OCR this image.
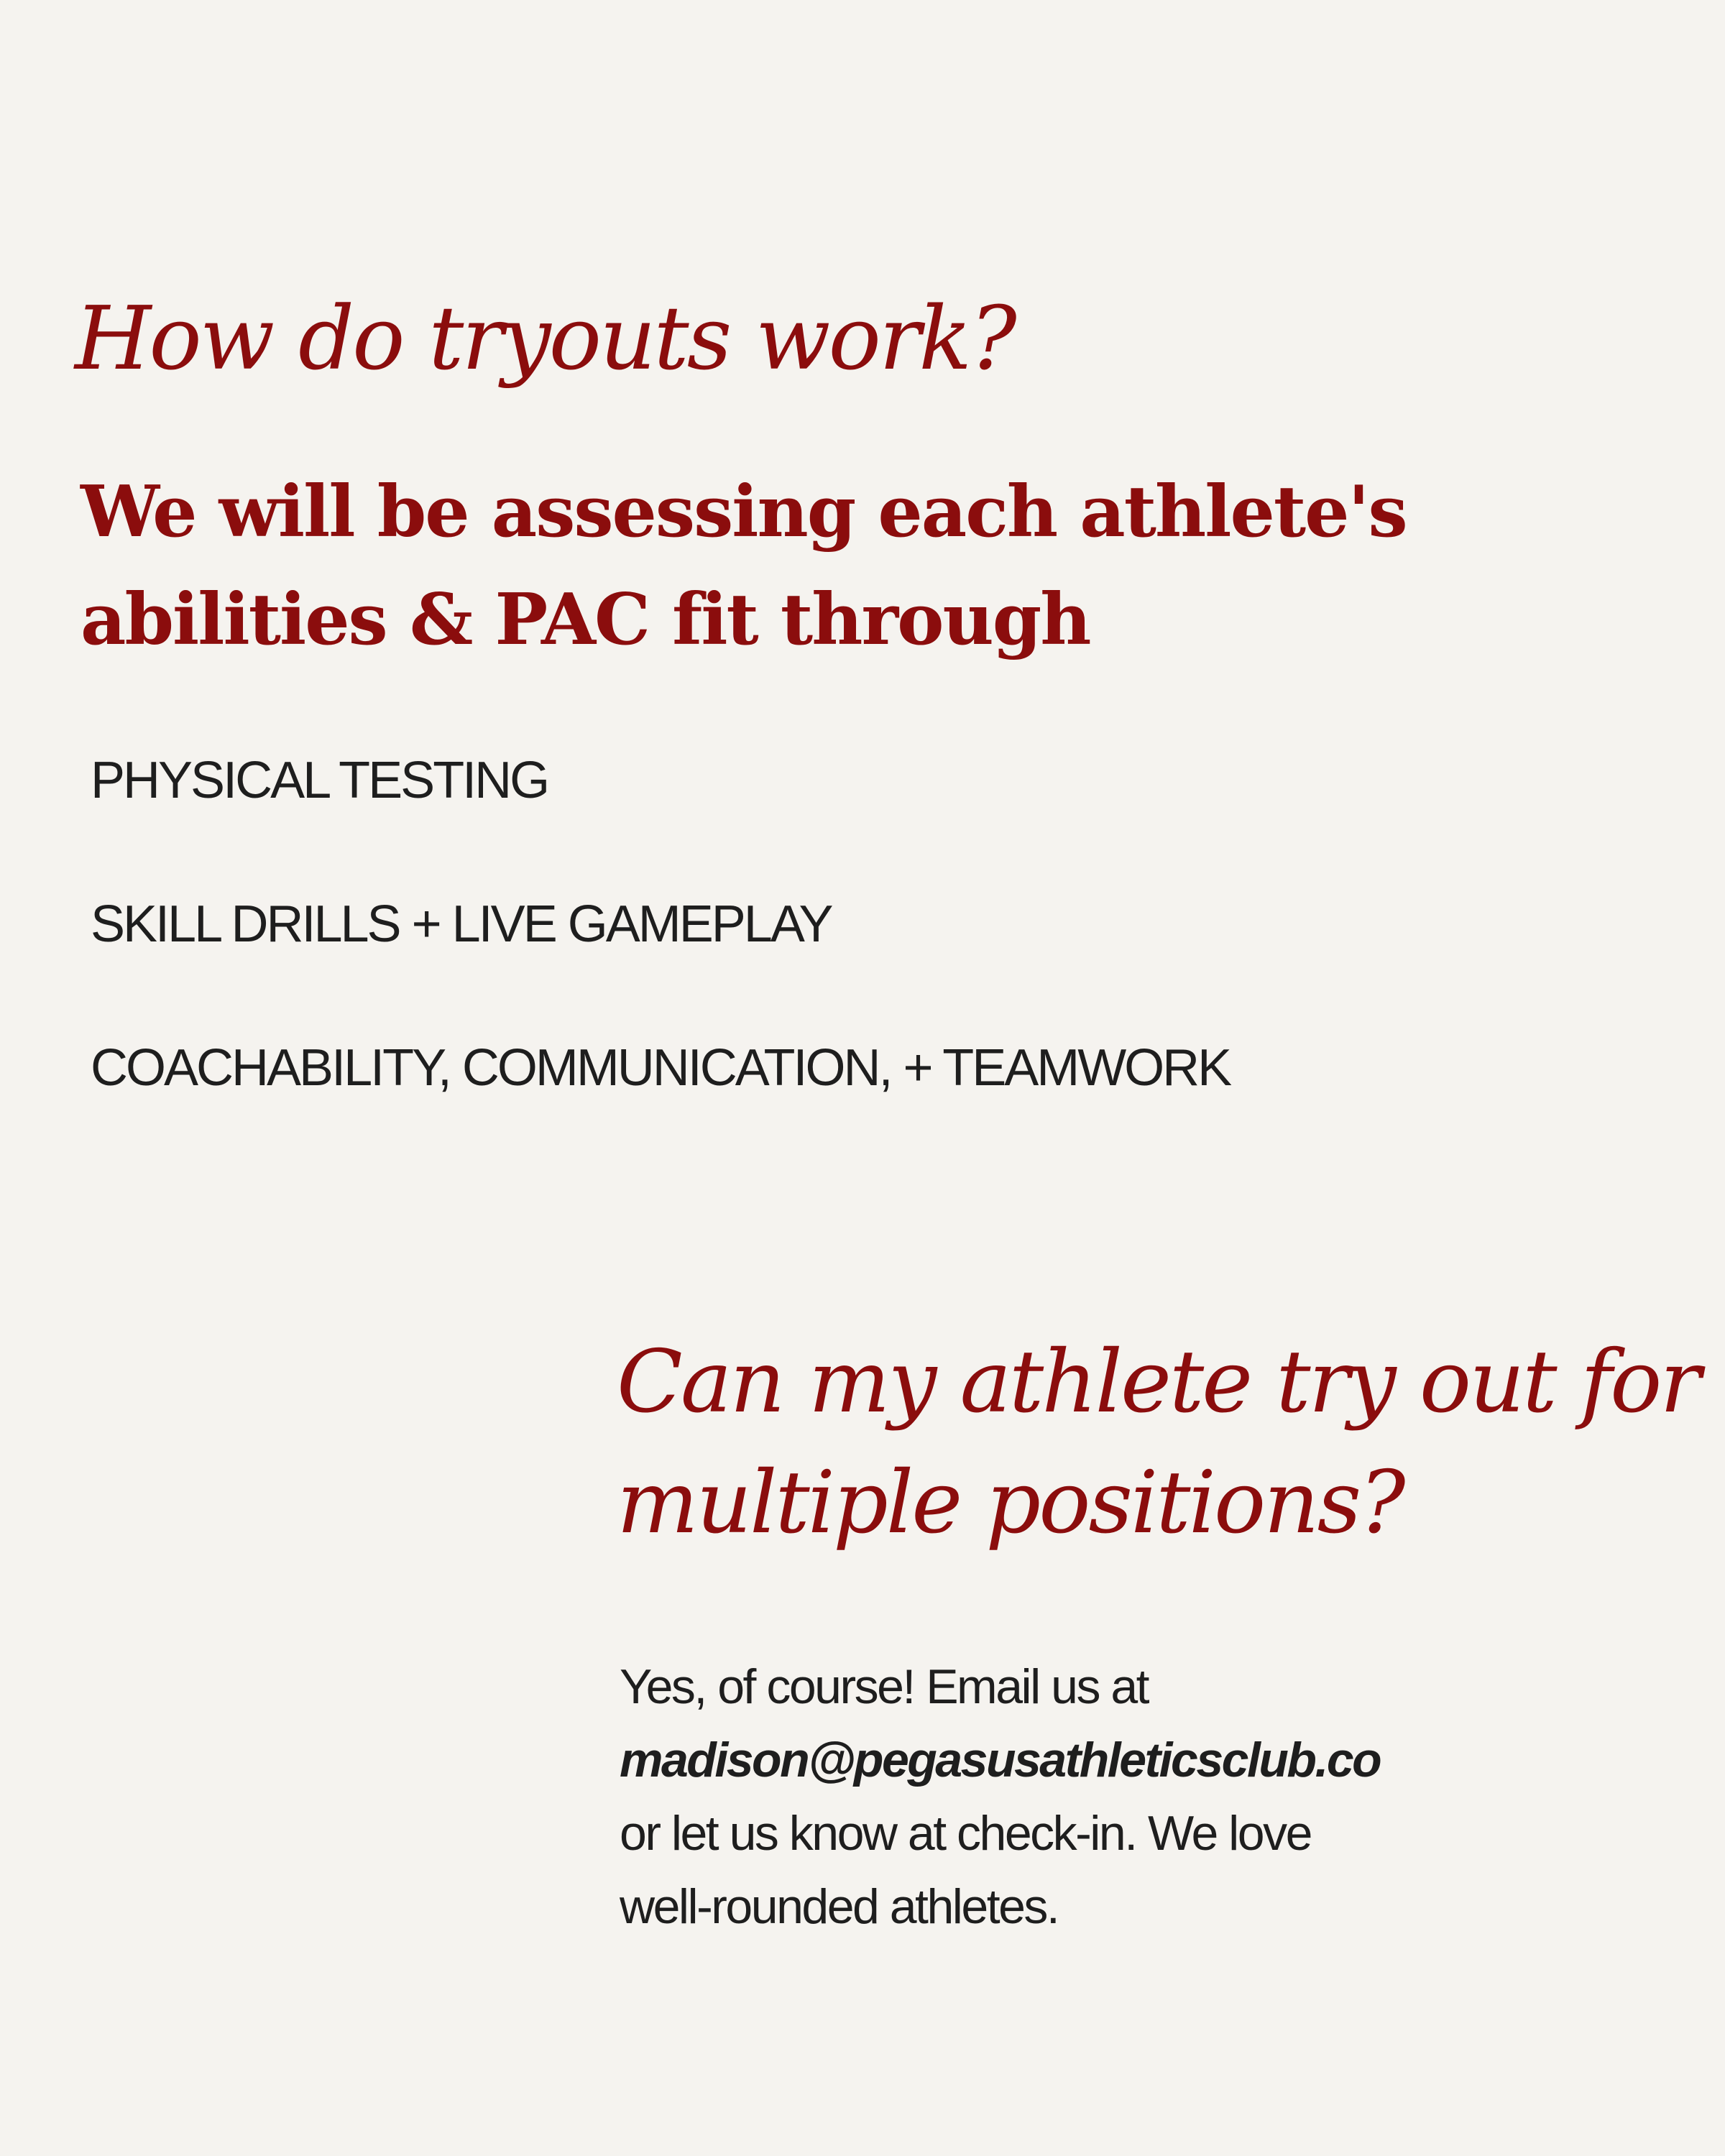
How do tryouts work?
We will be assessing each athlete's
abilities & PAC fit through
PHYSICAL TESTING
SKILL DRILLS + LIVE GAMEPLAY
COACHABILITY, COMMUNICATION, + TEAMWORK
Can my athlete try out for
multiple positions?

Yes, of course! Email us at
madison@pegasusathleticsclub.co
or let us know at check-in. We love
well-rounded athletes.
